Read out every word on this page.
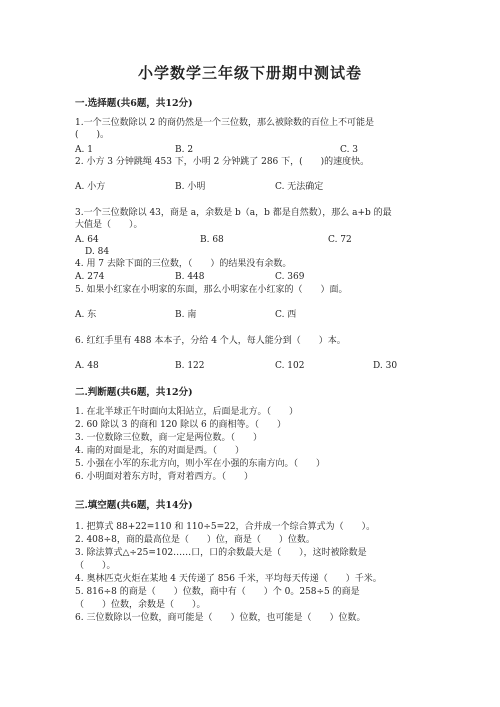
小学数学三年级下册期中测试卷
一.选择题(共6题，共12分)
1.一个三位数除以 2 的商仍然是一个三位数，那么被除数的百位上不可能是
(　　)。
A. 1	B. 2	C. 3
2. 小方 3 分钟跳绳 453 下，小明 2 分钟跳了 286 下，(　　)的速度快。
A. 小方	B. 小明	C. 无法确定
3.一个三位数除以 43，商是 a，余数是 b（a，b 都是自然数），那么 a+b 的最
大值是（　　）。
A. 64	B. 68	C. 72
D. 84
4. 用 7 去除下面的三位数，（　　）的结果没有余数。
A. 274	B. 448	C. 369
5. 如果小红家在小明家的东面，那么小明家在小红家的（　　）面。
A. 东	B. 南	C. 西
6. 红红手里有 488 本本子，分给 4 个人，每人能分到（　　）本。
A. 48	B. 122	C. 102	D. 30
二.判断题(共6题，共12分)
1. 在北半球正午时面向太阳站立，后面是北方。（　　）
2. 60 除以 3 的商和 120 除以 6 的商相等。（　　）
3. 一位数除三位数，商一定是两位数。（　　）
4. 南的对面是北，东的对面是西。（　　）
5. 小强在小军的东北方向，则小军在小强的东南方向。（　　）
6. 小明面对着东方时，背对着西方。（　　）
三.填空题(共6题，共14分)
1. 把算式 88+22=110 和 110÷5=22，合并成一个综合算式为（　　）。
2. 408÷8，商的最高位是（　　）位，商是（　　）位数。
3. 除法算式△÷25=102……口，口的余数最大是（　　），这时被除数是
（　　）。
4. 奥林匹克火炬在某地 4 天传递了 856 千米，平均每天传递（　　）千米。
5. 816÷8 的商是（　　）位数，商中有（　　）个 0。258÷5 的商是
（　　）位数，余数是（　　）。
6. 三位数除以一位数，商可能是（　　）位数，也可能是（　　）位数。
